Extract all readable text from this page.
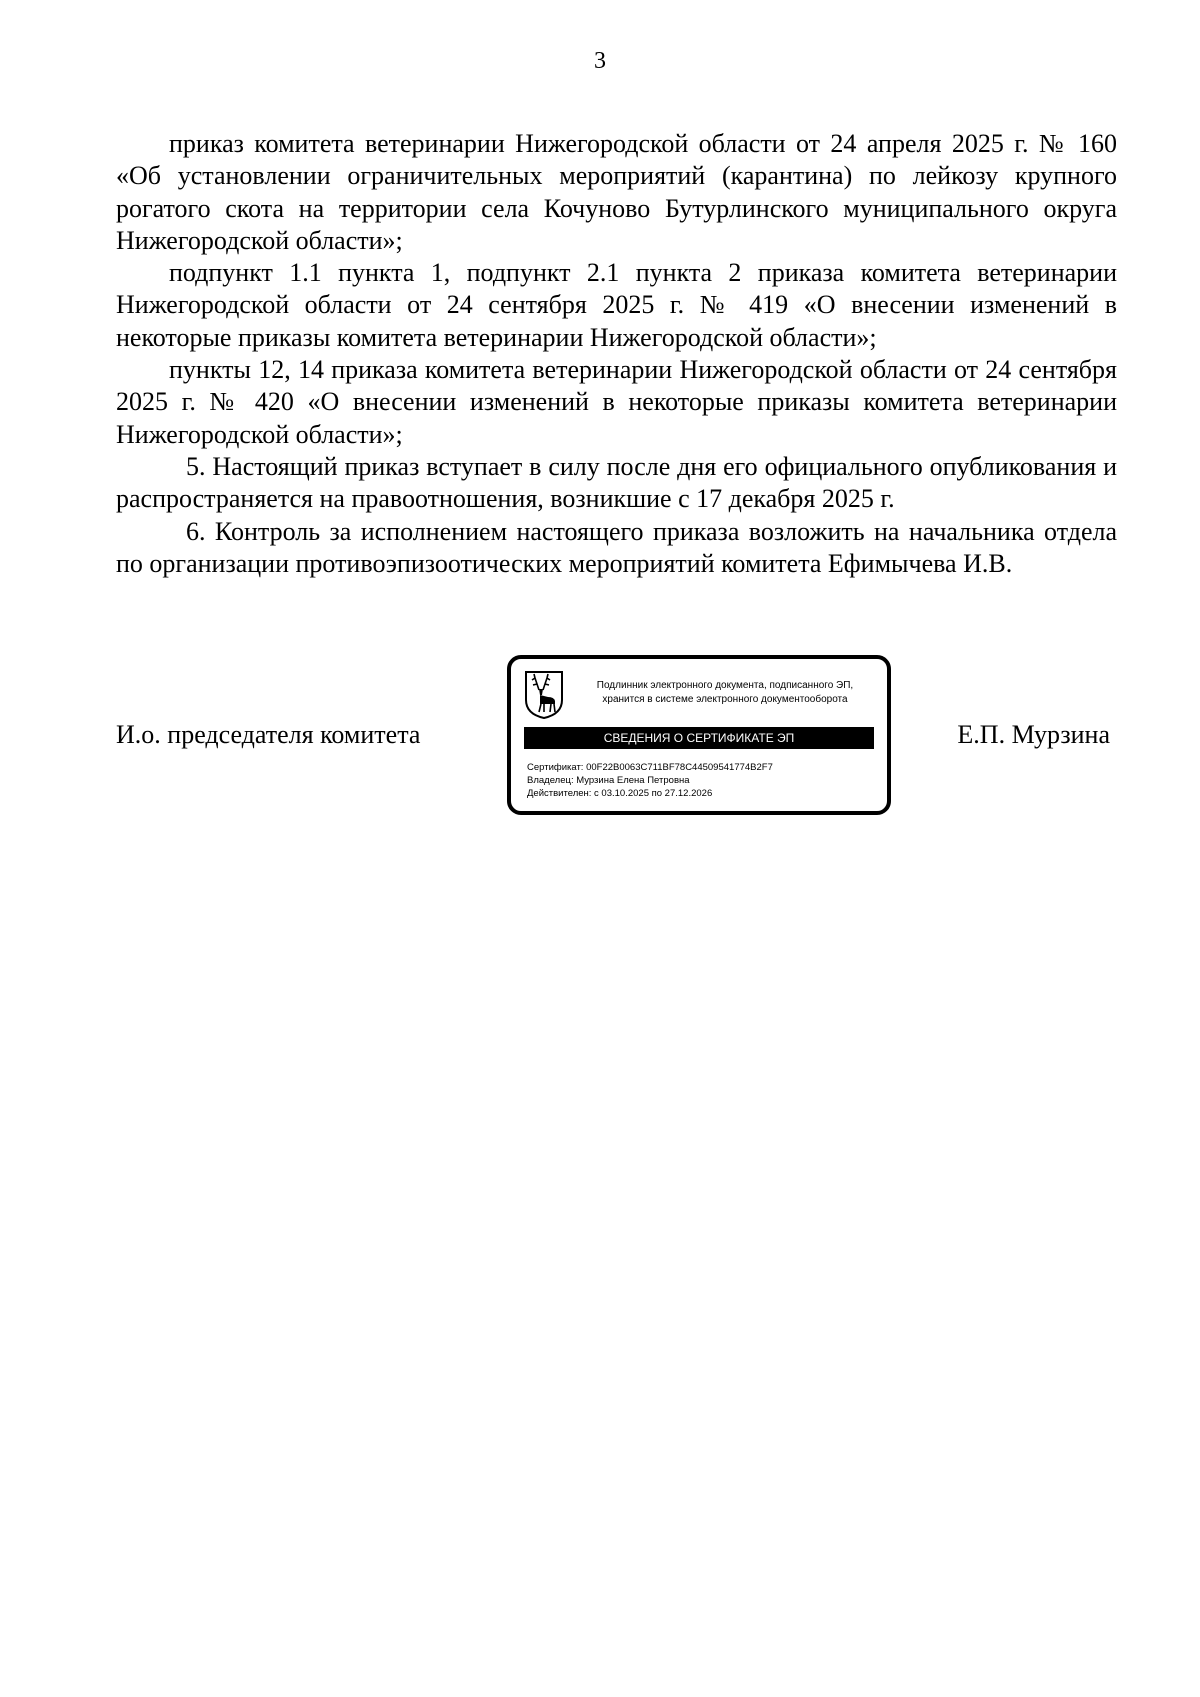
3

приказ комитета ветеринарии Нижегородской области от 24 апреля 2025 г. № 160 «Об установлении ограничительных мероприятий (карантина) по лейкозу крупного рогатого скота на территории села Кочуново Бутурлинского муниципального округа Нижегородской области»;

подпункт 1.1 пункта 1, подпункт 2.1 пункта 2 приказа комитета ветеринарии Нижегородской области от 24 сентября 2025 г. № 419 «О внесении изменений в некоторые приказы комитета ветеринарии Нижегородской области»;

пункты 12, 14 приказа комитета ветеринарии Нижегородской области от 24 сентября 2025 г. № 420 «О внесении изменений в некоторые приказы комитета ветеринарии Нижегородской области»;

5. Настоящий приказ вступает в силу после дня его официального опубликования и распространяется на правоотношения, возникшие с 17 декабря 2025 г.

6. Контроль за исполнением настоящего приказа возложить на начальника отдела по организации противоэпизоотических мероприятий комитета Ефимычева И.В.

И.о. председателя комитета	Е.П. Мурзина
Подлинник электронного документа, подписанного ЭП,
хранится в системе электронного документооборота
СВЕДЕНИЯ О СЕРТИФИКАТЕ ЭП
Сертификат: 00F22B0063C711BF78C44509541774B2F7
Владелец: Мурзина Елена Петровна
Действителен: с 03.10.2025 по 27.12.2026
